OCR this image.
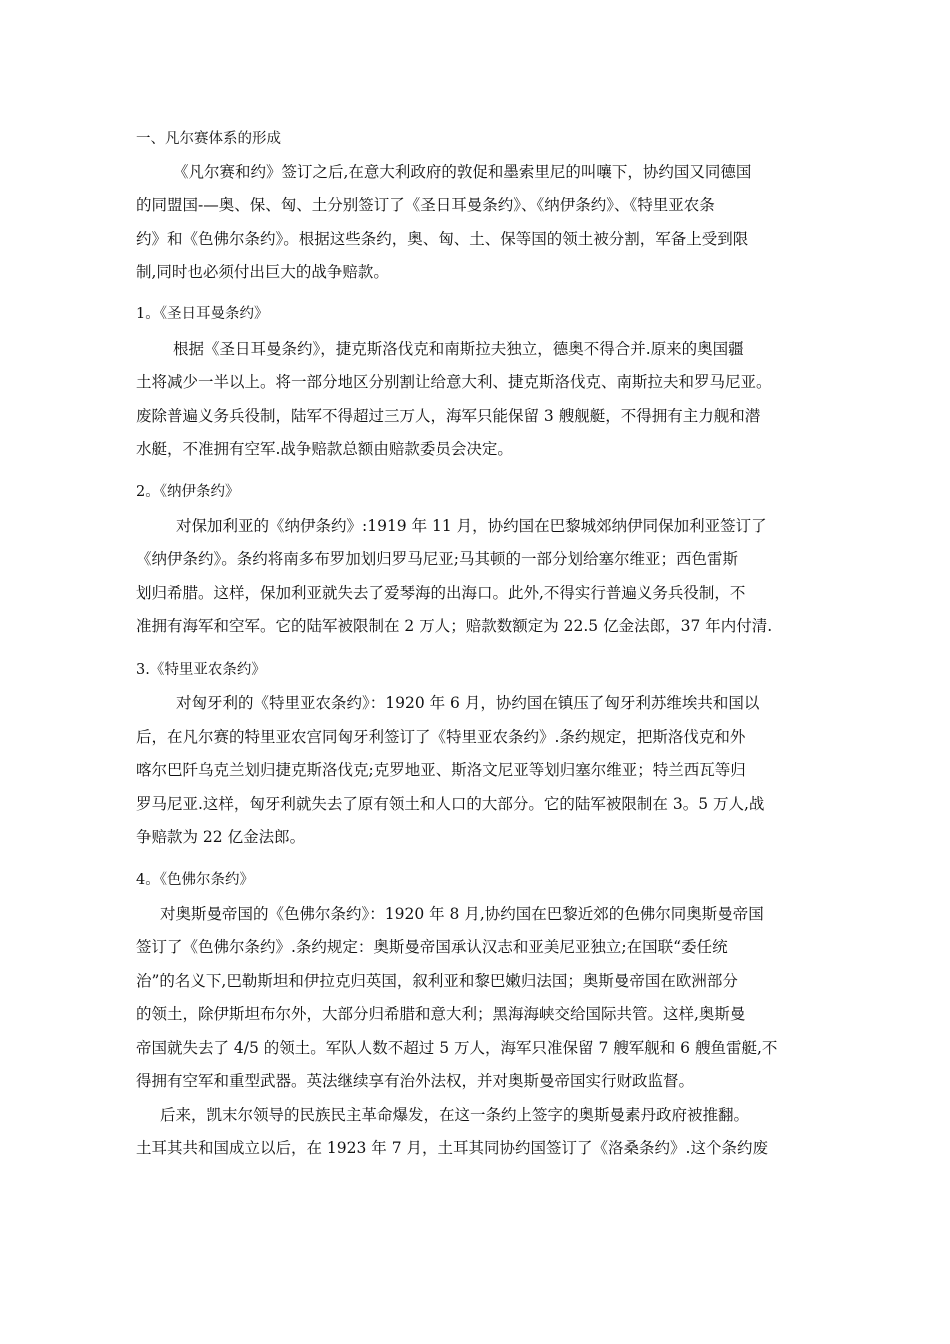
一、凡尔赛体系的形成
《凡尔赛和约》签订之后,在意大利政府的敦促和墨索里尼的叫嚷下，协约国又同德国
的同盟国-—奥、保、匈、土分别签订了《圣日耳曼条约》、《纳伊条约》、《特里亚农条
约》和《色佛尔条约》。根据这些条约，奥、匈、土、保等国的领土被分割，军备上受到限
制,同时也必须付出巨大的战争赔款。
1。《圣日耳曼条约》
根据《圣日耳曼条约》，捷克斯洛伐克和南斯拉夫独立，德奥不得合并.原来的奥国疆
土将减少一半以上。将一部分地区分别割让给意大利、捷克斯洛伐克、南斯拉夫和罗马尼亚。
废除普遍义务兵役制，陆军不得超过三万人，海军只能保留 3 艘舰艇，不得拥有主力舰和潜
水艇，不准拥有空军.战争赔款总额由赔款委员会决定。
2。《纳伊条约》
对保加利亚的《纳伊条约》:1919 年 11 月，协约国在巴黎城郊纳伊同保加利亚签订了
《纳伊条约》。条约将南多布罗加划归罗马尼亚;马其顿的一部分划给塞尔维亚；西色雷斯
划归希腊。这样，保加利亚就失去了爱琴海的出海口。此外,不得实行普遍义务兵役制，不
准拥有海军和空军。它的陆军被限制在 2 万人；赔款数额定为 22.5 亿金法郎，37 年内付清.
3.《特里亚农条约》
对匈牙利的《特里亚农条约》：1920 年 6 月，协约国在镇压了匈牙利苏维埃共和国以
后，在凡尔赛的特里亚农宫同匈牙利签订了《特里亚农条约》.条约规定，把斯洛伐克和外
喀尔巴阡乌克兰划归捷克斯洛伐克;克罗地亚、斯洛文尼亚等划归塞尔维亚；特兰西瓦等归
罗马尼亚.这样，匈牙利就失去了原有领土和人口的大部分。它的陆军被限制在 3。5 万人,战
争赔款为 22 亿金法郎。
4。《色佛尔条约》
对奥斯曼帝国的《色佛尔条约》：1920 年 8 月,协约国在巴黎近郊的色佛尔同奥斯曼帝国
签订了《色佛尔条约》.条约规定：奥斯曼帝国承认汉志和亚美尼亚独立;在国联“委任统
治”的名义下,巴勒斯坦和伊拉克归英国，叙利亚和黎巴嫩归法国；奥斯曼帝国在欧洲部分
的领土，除伊斯坦布尔外，大部分归希腊和意大利；黑海海峡交给国际共管。这样,奥斯曼
帝国就失去了 4/5 的领土。军队人数不超过 5 万人，海军只准保留 7 艘军舰和 6 艘鱼雷艇,不
得拥有空军和重型武器。英法继续享有治外法权，并对奥斯曼帝国实行财政监督。
后来，凯末尔领导的民族民主革命爆发，在这一条约上签字的奥斯曼素丹政府被推翻。
土耳其共和国成立以后，在 1923 年 7 月，土耳其同协约国签订了《洛桑条约》.这个条约废
